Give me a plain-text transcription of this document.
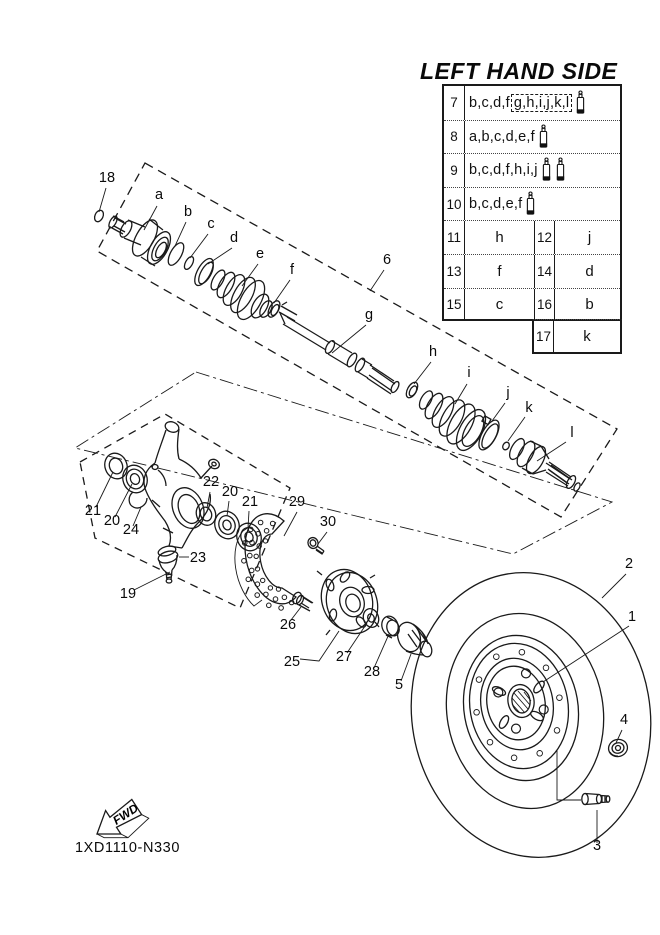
LEFT HAND SIDE
7 b,c,d,f g,h,i,j,k,l
8 a,b,c,d,e,f
9 b,c,d,f,h,i,j
10 b,c,d,e,f
11	h	12	j
13	f	14	d
15	c	16	b
17	k
18
a
b
c
d
e
f
6
g
h
i
j
k
l
21
20
24
22
20
21
23
19
29
30
26
25 27
28
5
2
1
4
3
FWD
1XD1110-N330
